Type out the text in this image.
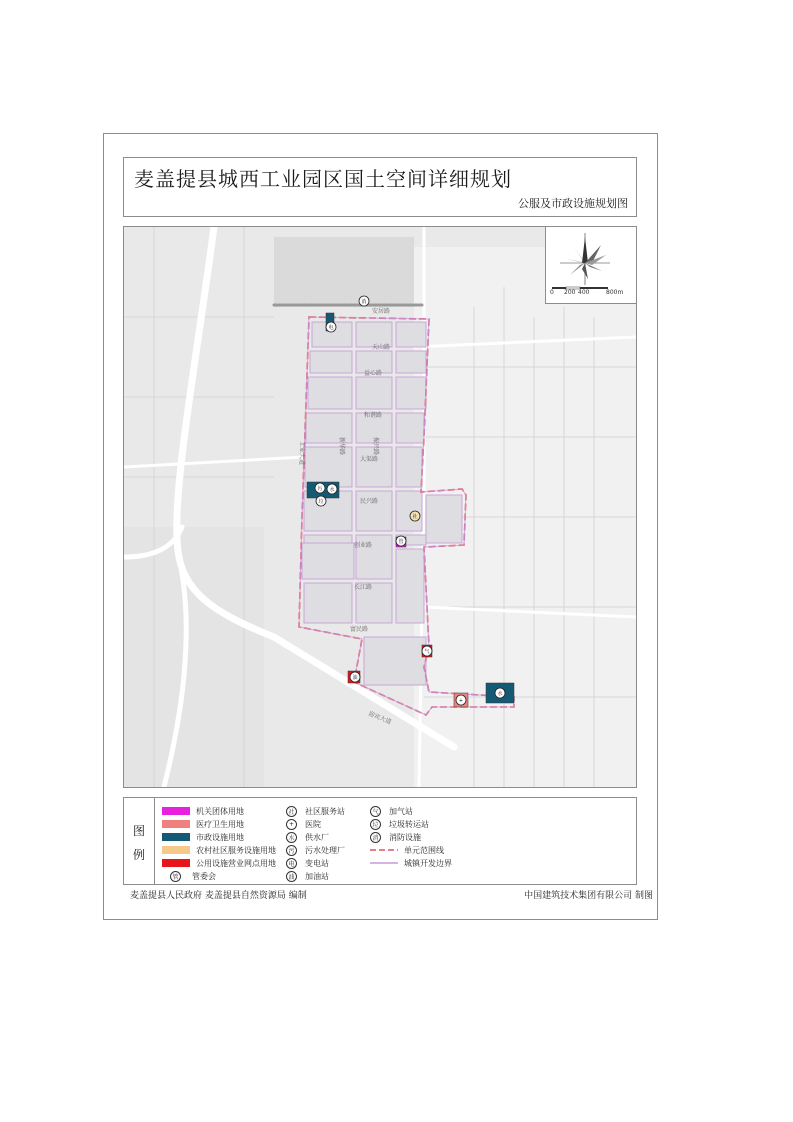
麦盖提县城西工业园区国土空间详细规划
公服及市政设施规划图
安居路
天山路
益心路
和谐路
大渠路
民兴路
创业路
长江路
富民路
工业大道
迎宾大道
新华路	振兴路
电
消
污 水
垃
社
管
气
油
+
水
0 200 400	800m
图
例
机关团体用地
医疗卫生用地
市政设施用地
农村社区服务设施用地
公用设施营业网点用地
管	管委会
社	社区服务站
+	医院
水	供水厂
污	污水处理厂
电	变电站
油	加油站
气	加气站
垃	垃圾转运站
消	消防设施
单元范围线
城镇开发边界
麦盖提县人民政府 麦盖提县自然资源局 编制	中国建筑技术集团有限公司 制图
